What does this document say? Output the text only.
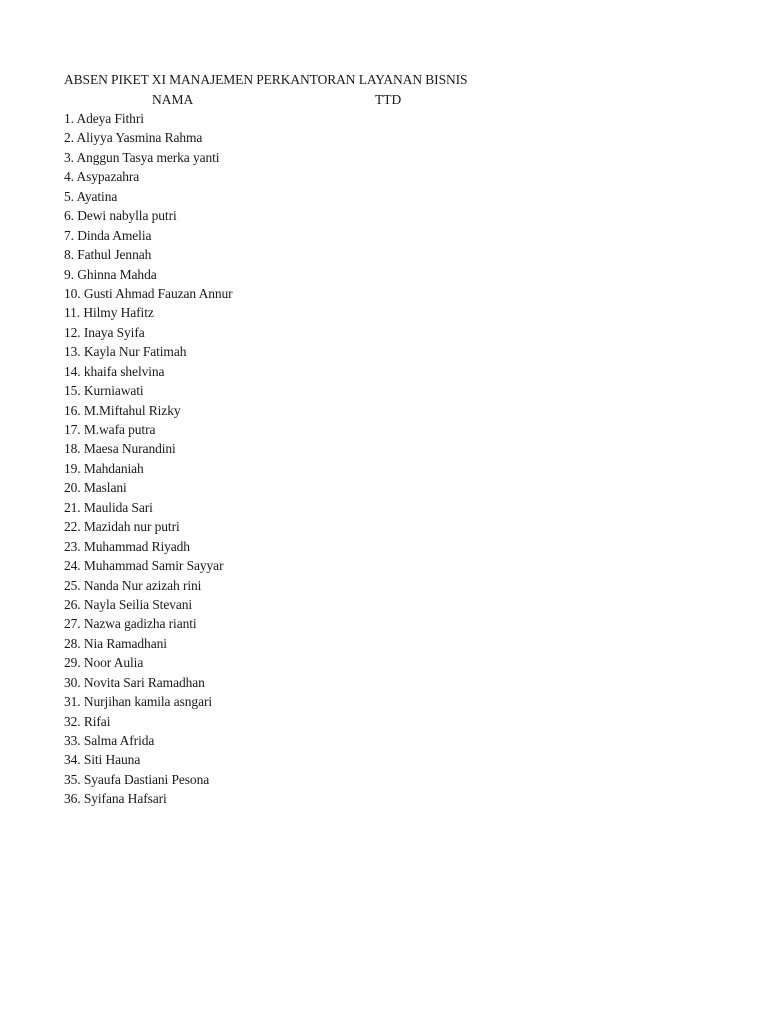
ABSEN PIKET XI MANAJEMEN PERKANTORAN LAYANAN BISNIS
NAMA	TTD
1. Adeya Fithri
2. Aliyya Yasmina Rahma
3. Anggun Tasya merka yanti
4. Asypazahra
5. Ayatina
6. Dewi nabylla putri
7. Dinda Amelia
8. Fathul Jennah
9. Ghinna Mahda
10. Gusti Ahmad Fauzan Annur
11. Hilmy Hafitz
12. Inaya Syifa
13. Kayla Nur Fatimah
14. khaifa shelvina
15. Kurniawati
16. M.Miftahul Rizky
17. M.wafa putra
18. Maesa Nurandini
19. Mahdaniah
20. Maslani
21. Maulida Sari
22. Mazidah nur putri
23. Muhammad Riyadh
24. Muhammad Samir Sayyar
25. Nanda Nur azizah rini
26. Nayla Seilia Stevani
27. Nazwa gadizha rianti
28. Nia Ramadhani
29. Noor Aulia
30. Novita Sari Ramadhan
31. Nurjihan kamila asngari
32. Rifai
33. Salma Afrida
34. Siti Hauna
35. Syaufa Dastiani Pesona
36. Syifana Hafsari
